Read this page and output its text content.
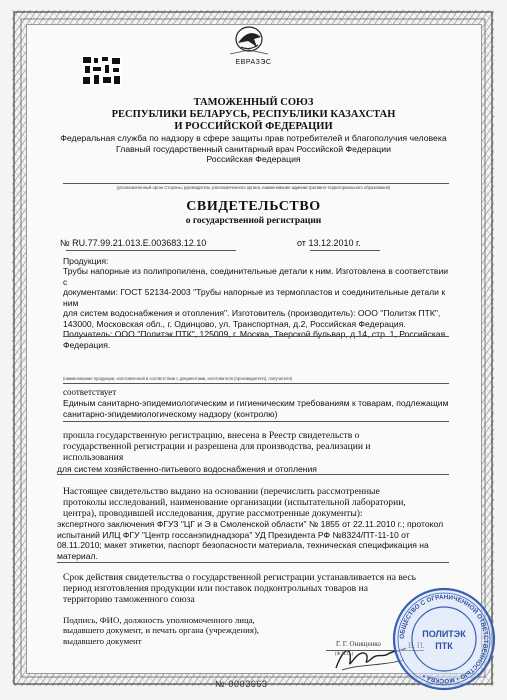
ЕВРАЗЭС
ТАМОЖЕННЫЙ СОЮЗ
РЕСПУБЛИКИ БЕЛАРУСЬ, РЕСПУБЛИКИ КАЗАХСТАН
И РОССИЙСКОЙ ФЕДЕРАЦИИ
Федеральная служба по надзору в сфере защиты прав потребителей и благополучия человека
Главный государственный санитарный врач Российской Федерации
Российская Федерация
(уполномоченный орган Стороны, руководитель уполномоченного органа, наименование административно-территориального образования)
СВИДЕТЕЛЬСТВО
о государственной регистрации
№ RU.77.99.21.013.Е.003683.12.10	от 13.12.2010 г.
Продукция:
Трубы напорные из полипропилена, соединительные детали к ним. Изготовлена в соответствии с
документами: ГОСТ 52134-2003 "Трубы напорные из термопластов и соединительные детали к ним
для систем водоснабжения и отопления". Изготовитель (производитель): ООО "Политэк ПТК",
143000, Московская обл., г. Одинцово, ул. Транспортная, д.2, Российская Федерация.
Получатель: ООО "Политэк ПТК", 125009, г. Москва, Тверской бульвар, д.14, стр. 1, Российская
Федерация.
(наименование продукции, изготовленной в соответствии с документами, изготовителя (производителя), получателя)
соответствует
Единым санитарно-эпидемиологическим и гигиеническим требованиям к товарам, подлежащим
санитарно-эпидемиологическому надзору (контролю)
прошла государственную регистрацию, внесена в Реестр свидетельств о
государственной регистрации и разрешена для производства, реализации и
использования
для систем хозяйственно-питьевого водоснабжения и отопления
Настоящее свидетельство выдано на основании (перечислить рассмотренные
протоколы исследований, наименование организации (испытательной лаборатории,
центра), проводившей исследования, другие рассмотренные документы):
экспертного заключения ФГУЗ "ЦГ и Э в Смоленской области" № 1855 от 22.11.2010 г.; протокол
испытаний ИЛЦ ФГУ "Центр госсанэпиднадзора" УД Президента РФ №8324/ПТ-11-10 от
08.11.2010; макет этикетки, паспорт безопасности материала, техническая спецификация на
материал.
Срок действия свидетельства о государственной регистрации устанавливается на весь
период изготовления продукции или поставок подконтрольных товаров на
территорию таможенного союза
Подпись, ФИО, должность уполномоченного лица,
выдавшего документ, и печать органа (учреждения),
выдавшего документ	Г. Г. Онищенко
(Ф.И.О.)
ОБЩЕСТВО С ОГРАНИЧЕННОЙ ОТВЕТСТВЕННОСТЬЮ • МОСКВА •
ПОЛИТЭК
ПТК
№ 0003663
